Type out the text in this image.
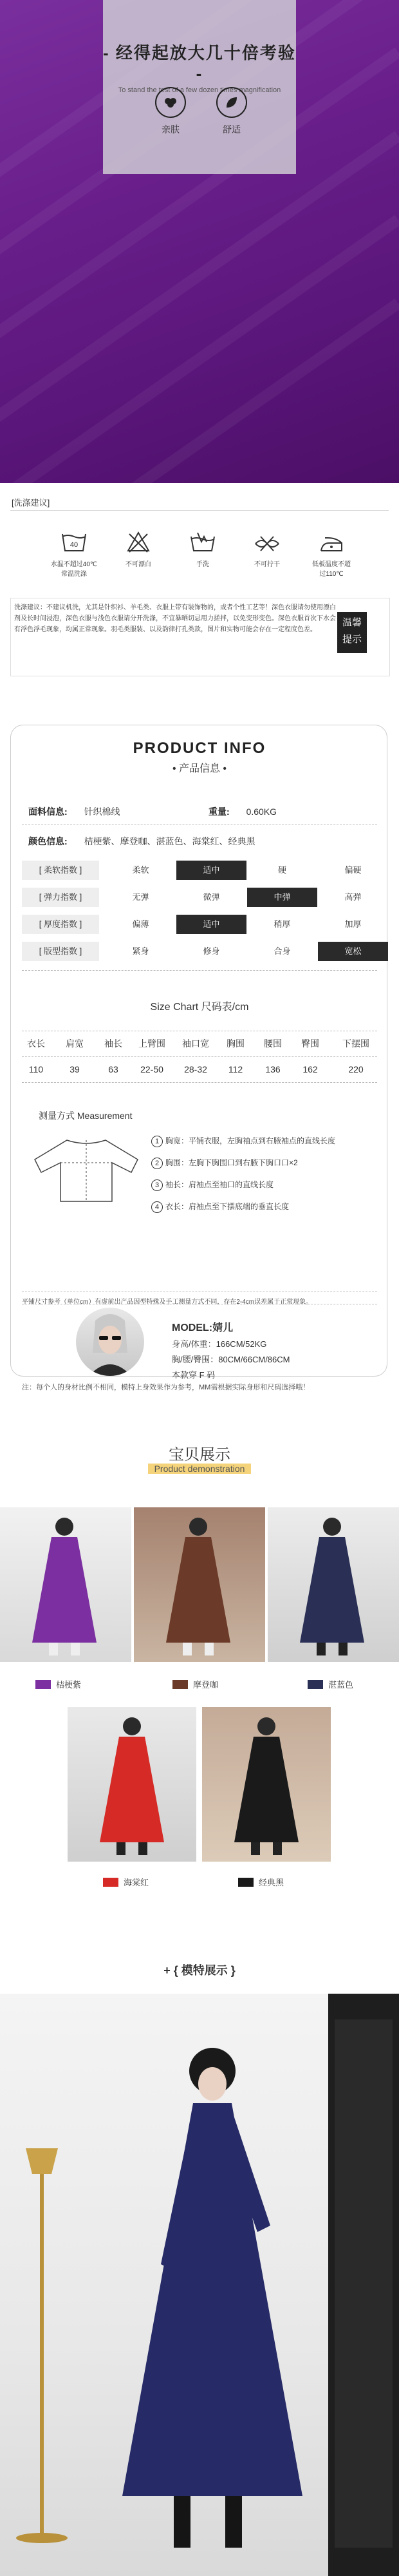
- 经得起放大几十倍考验 -
To stand the test of a few dozen times magnification
亲肤	舒适
[洗涤建议]
40
水温不超过40℃
常温洗涤
不可漂白	手洗	不可拧干	低板温度不超
过110℃
洗涤建议：不建议机洗，尤其是针织衫、羊毛类、衣服上带有装饰物的，或者个性工艺等！深色衣服请勿使用漂白剂及长时间浸泡，深色衣服与浅色衣服请分开洗涤，不宜暴晒切忌用力搓拌，以免变形变色。深色衣服首次下水会有浮色浮毛现象，均属正常现象。羽毛类服装、以及韵律打孔类款，图片和实物可能会存在一定程度色差。
温馨
提示
PRODUCT INFO
• 产品信息 •
面料信息: 针织棉线	重量: 0.60KG
颜色信息: 桔梗紫、摩登咖、湛蓝色、海棠红、经典黑
[ 柔软指数 ]	柔软	适中	硬	偏硬
[ 弹力指数 ]	无弹	微弹	中弹	高弹
[ 厚度指数 ]	偏薄	适中	稍厚	加厚
[ 版型指数 ]	紧身	修身	合身	宽松
Size Chart 尺码表/cm
衣长	肩宽	袖长	上臂围	袖口宽	胸围	腰围	臀围	下摆围
110	39	63	22-50	28-32	112	136	162	220
测量方式 Measurement
1 胸宽：平铺衣服，左胸袖点到右腋袖点的直线长度
2 胸围：左胸下胸围口到右腋下胸口口×2
3 袖长：肩袖点至袖口的直线长度
4 衣长：肩袖点至下摆底端的垂直长度
平铺尺寸参考（单位cm）有虚前出产品因型特殊及手工测量方式不同，存在2-4cm误差属于正常现象。
MODEL:婧儿
身高/体重：166CM/52KG
胸/腰/臀围：80CM/66CM/86CM
本款穿 F 码
注：每个人的身材比例不相同，模特上身效果作为参考，MM需根据实际身形和尺码选择哦！
宝贝展示
Product demonstration
桔梗紫	摩登咖	湛蓝色
海棠红	经典黑
+ { 模特展示 }
